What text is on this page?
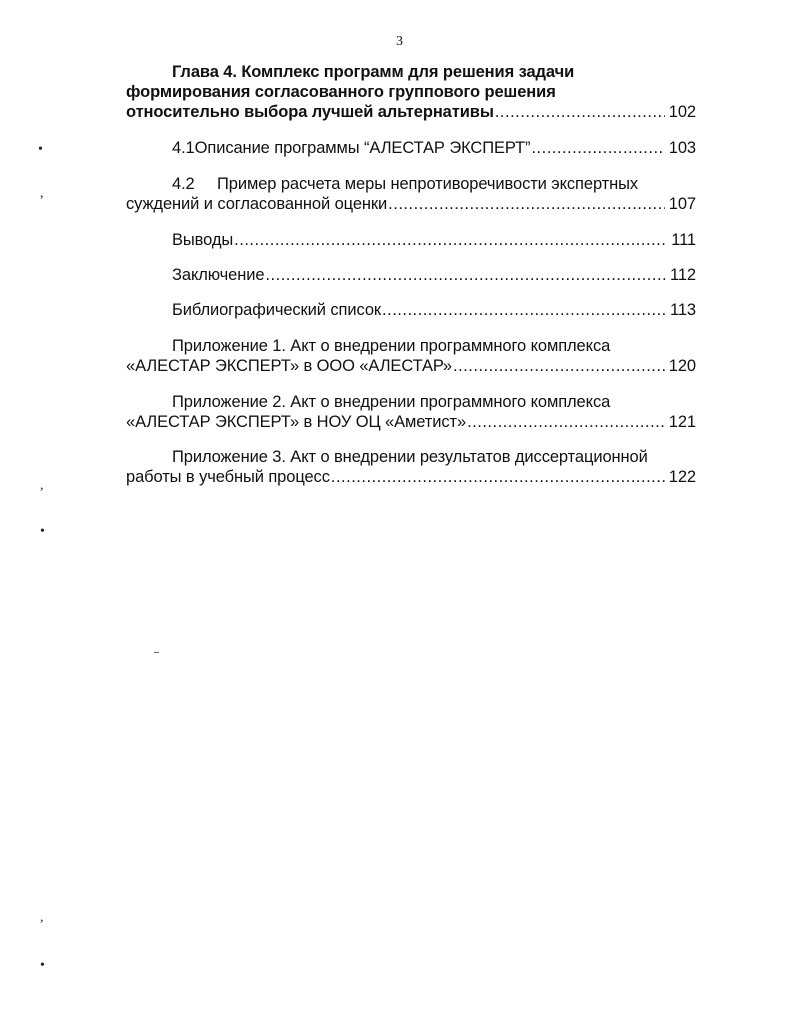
3
Глава 4. Комплекс программ для решения задачи
формирования согласованного группового решения
относительно выбора лучшей альтернативы .....	102
4.1 Описание программы “АЛЕСТАР ЭКСПЕРТ” .....	103
4.2 Пример расчета меры непротиворечивости экспертных
суждений и согласованной оценки .....	107
Выводы .....	111
Заключение .....	112
Библиографический список .....	113
Приложение 1. Акт о внедрении программного комплекса
«АЛЕСТАР ЭКСПЕРТ» в ООО «АЛЕСТАР» .....	120
Приложение 2. Акт о внедрении программного комплекса
«АЛЕСТАР ЭКСПЕРТ» в НОУ ОЦ «Аметист» .....	121
Приложение 3. Акт о внедрении результатов диссертационной
работы в учебный процесс .....	122
•
,
,
•
,
•
